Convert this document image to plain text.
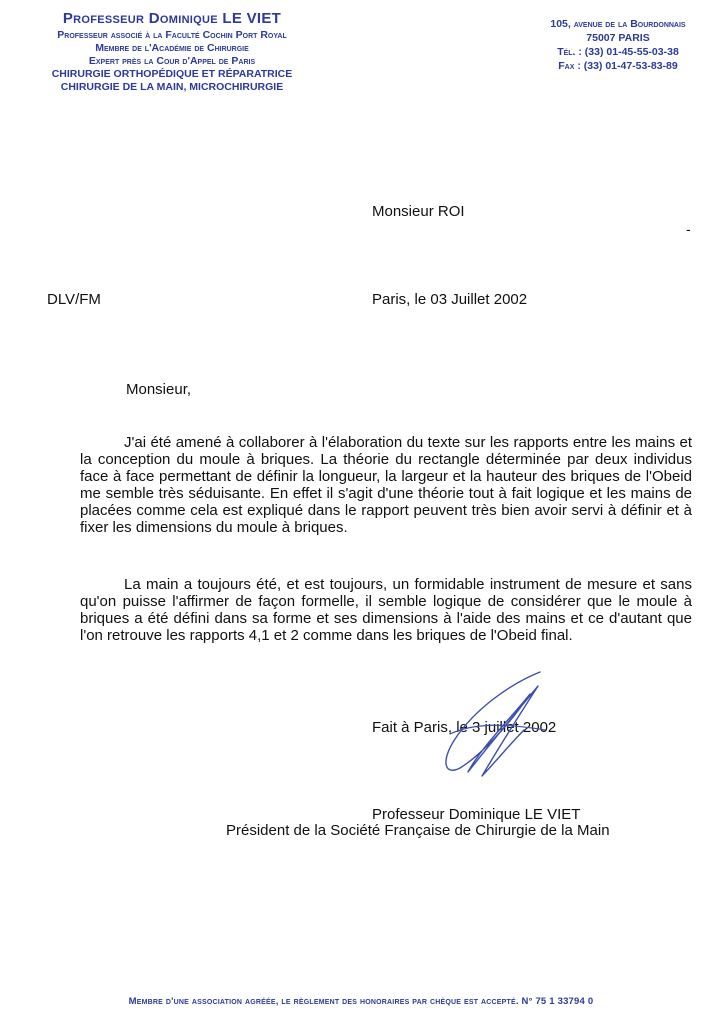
Professeur Dominique LE VIET
Professeur associé à la Faculté Cochin Port Royal
Membre de l'Académie de Chirurgie
Expert près la Cour d'Appel de Paris
CHIRURGIE ORTHOPÉDIQUE ET RÉPARATRICE
CHIRURGIE DE LA MAIN, MICROCHIRURGIE
105, avenue de la Bourdonnais
75007 PARIS
Tél. : (33) 01-45-55-03-38
Fax : (33) 01-47-53-83-89
Monsieur ROI
-
DLV/FM	Paris, le 03 Juillet 2002
Monsieur,
J'ai été amené à collaborer à l'élaboration du texte sur les rapports entre les mains et la conception du moule à briques. La théorie du rectangle déterminée par deux individus face à face permettant de définir la longueur, la largeur et la hauteur des briques de l'Obeid me semble très séduisante. En effet il s'agit d'une théorie tout à fait logique et les mains de placées comme cela est expliqué dans le rapport peuvent très bien avoir servi à définir et à fixer les dimensions du moule à briques.
La main a toujours été, et est toujours, un formidable instrument de mesure et sans qu'on puisse l'affirmer de façon formelle, il semble logique de considérer que le moule à briques a été défini dans sa forme et ses dimensions à l'aide des mains et ce d'autant que l'on retrouve les rapports 4,1 et 2 comme dans les briques de l'Obeid final.
Fait à Paris, le 3 juillet 2002
Professeur Dominique LE VIET
Président de la Société Française de Chirurgie de la Main
Membre d'une association agréée, le règlement des honoraires par chèque est accepté. N° 75 1 33794 0
